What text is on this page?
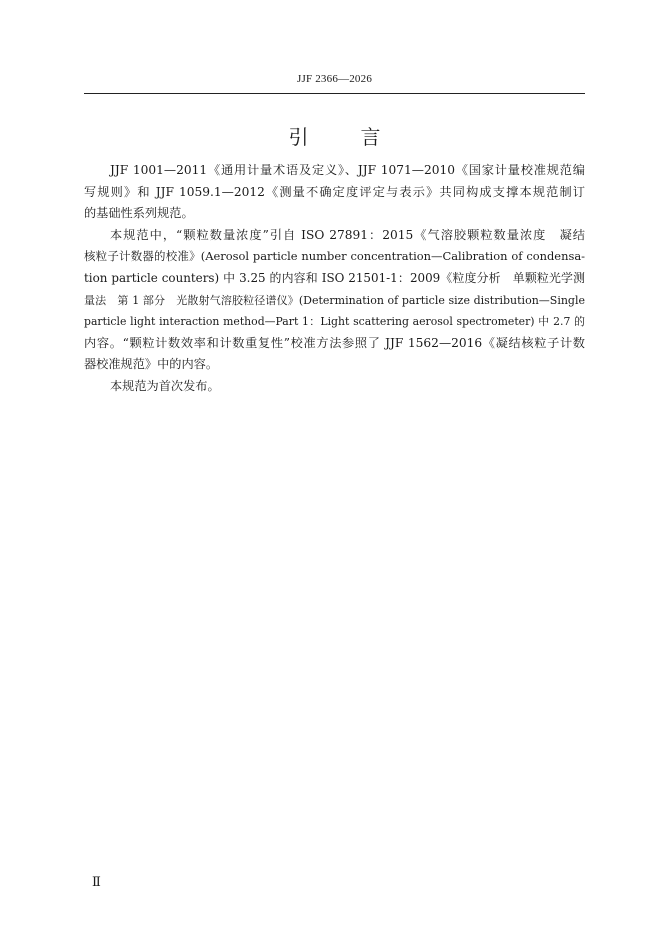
JJF 2366—2026
引	言
JJF 1001—2011《通用计量术语及定义》、JJF 1071—2010《国家计量校准规范编
写规则》和 JJF 1059.1—2012《测量不确定度评定与表示》共同构成支撑本规范制订
的基础性系列规范。
本规范中，“颗粒数量浓度”引自 ISO 27891：2015《气溶胶颗粒数量浓度　凝结
核粒子计数器的校准》(Aerosol particle number concentration—Calibration of condensa-
tion particle counters) 中 3.25 的内容和 ISO 21501-1：2009《粒度分析　单颗粒光学测
量法　第 1 部分　光散射气溶胶粒径谱仪》(Determination of particle size distribution—Single
particle light interaction method—Part 1：Light scattering aerosol spectrometer) 中 2.7 的
内容。“颗粒计数效率和计数重复性”校准方法参照了 JJF 1562—2016《凝结核粒子计数
器校准规范》中的内容。
本规范为首次发布。
Ⅱ
